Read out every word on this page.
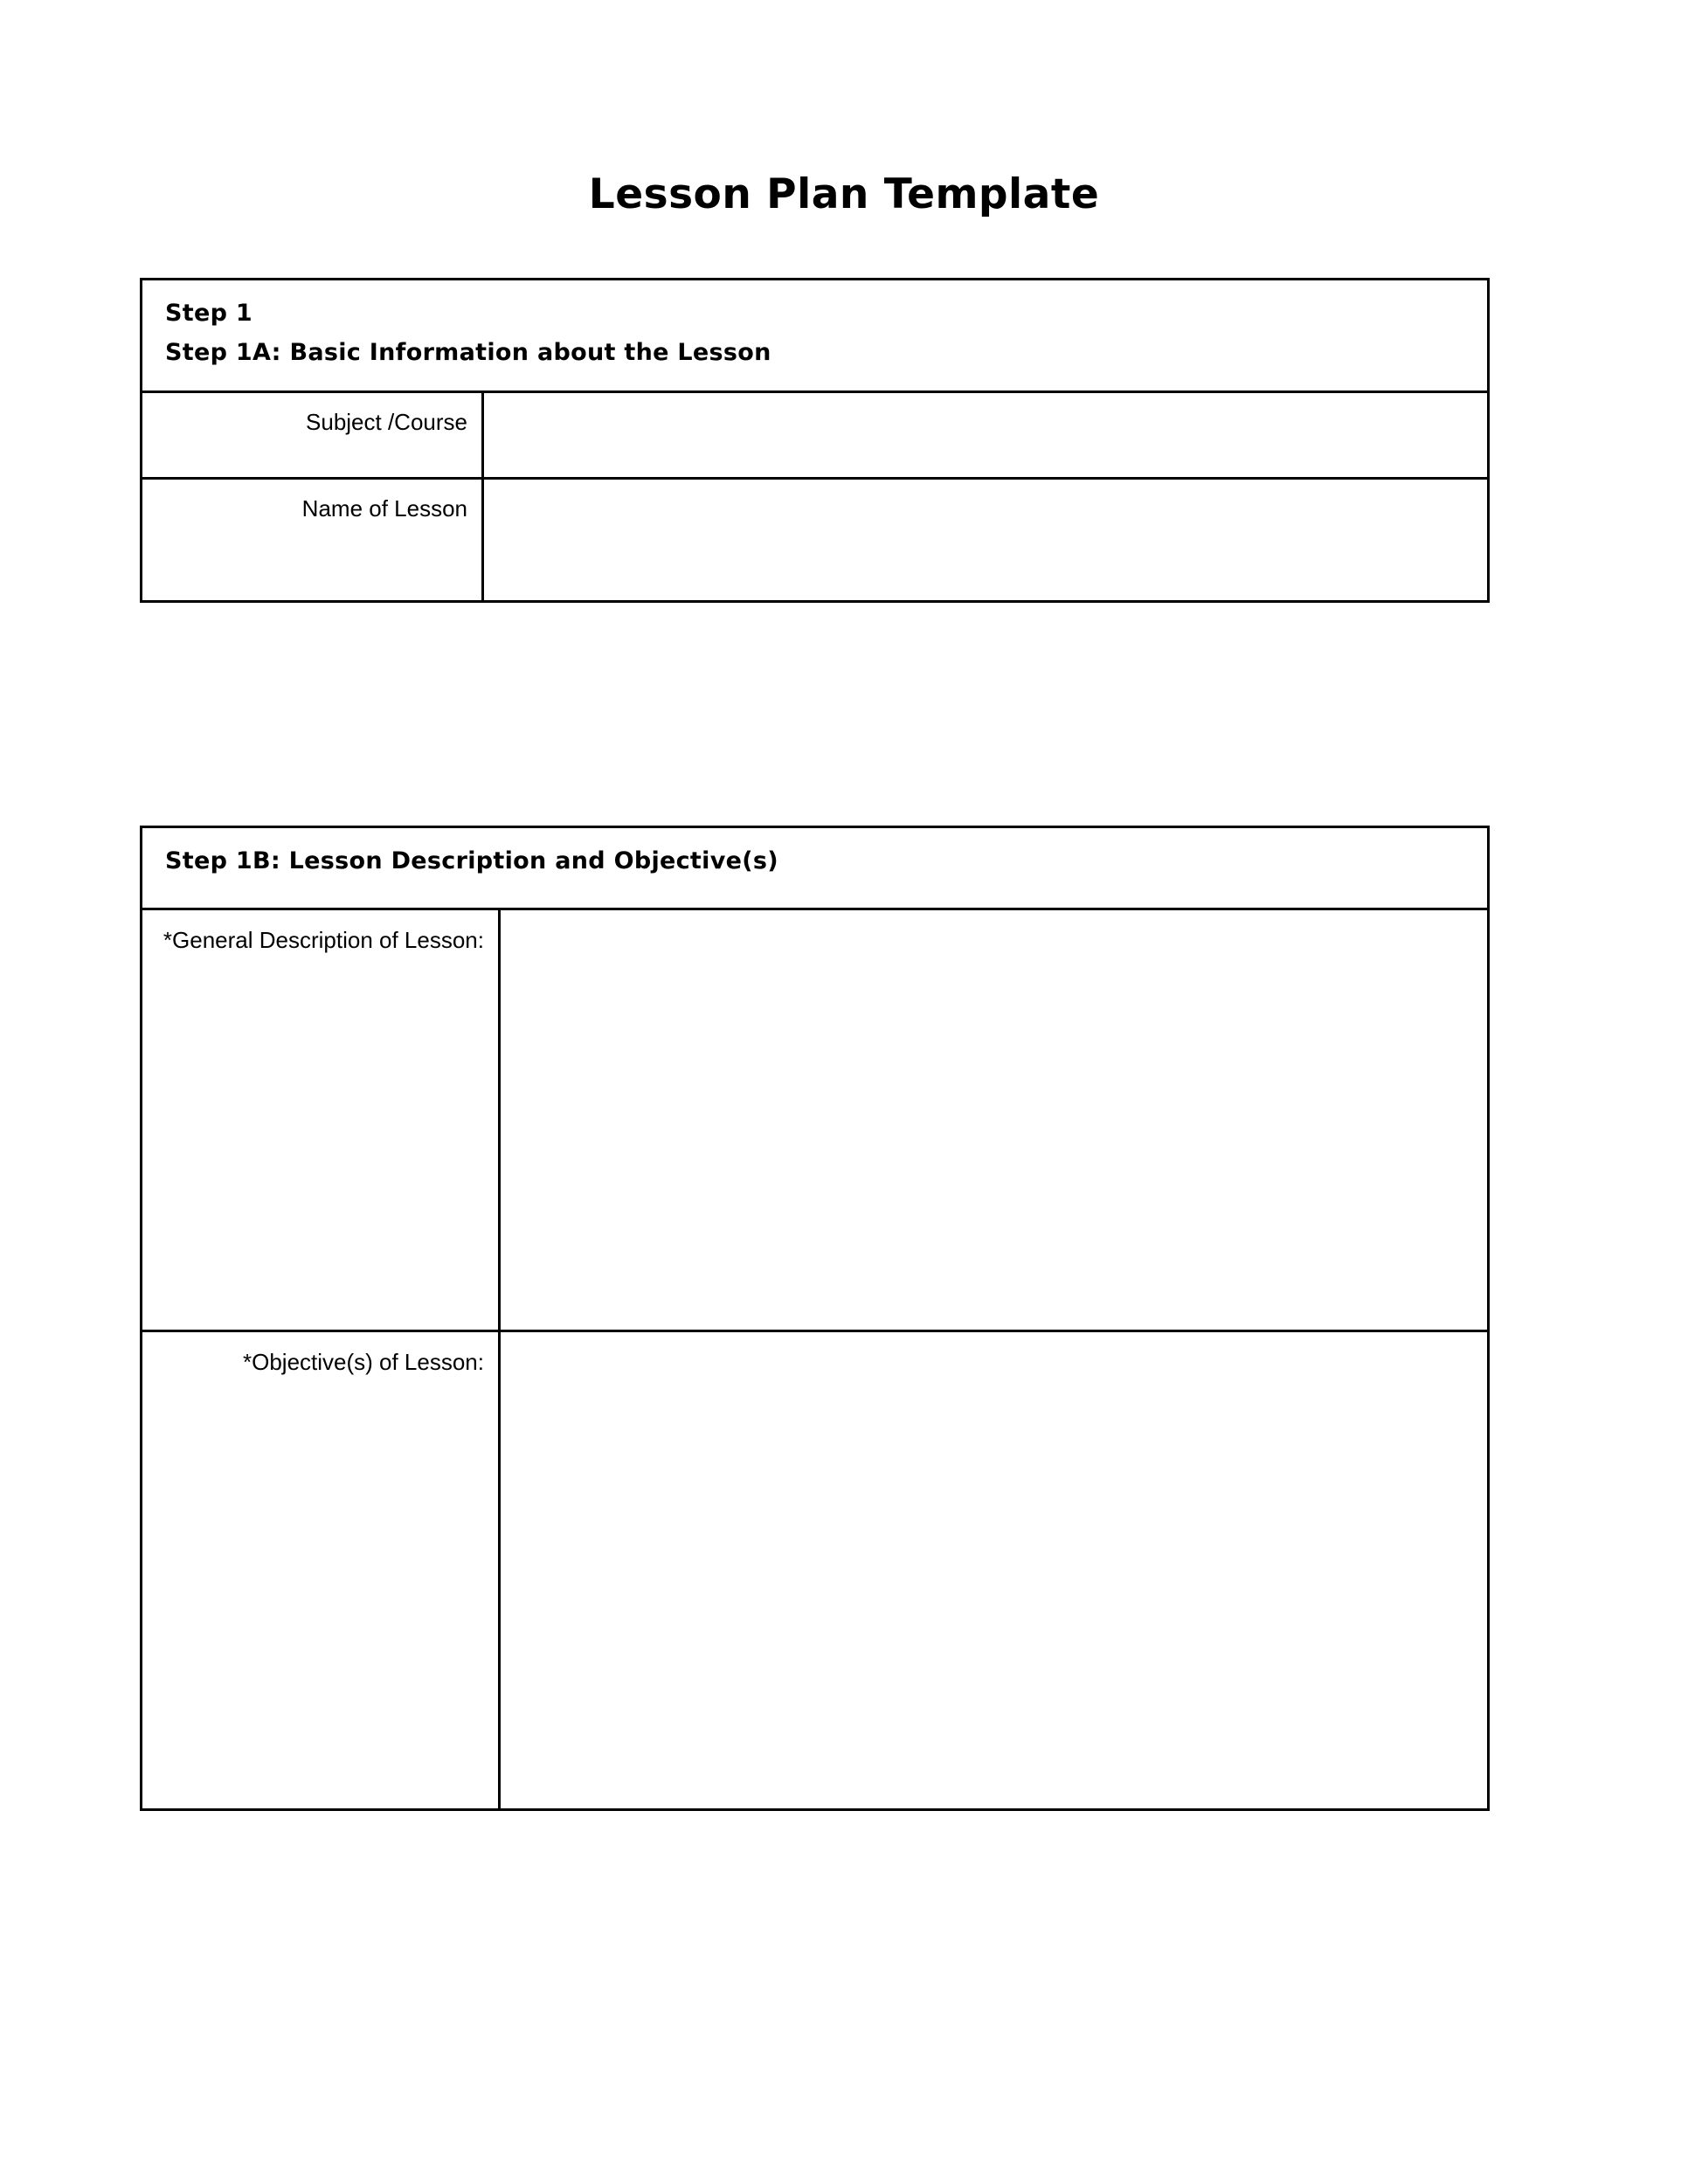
Lesson Plan Template
Step 1
Step 1A: Basic Information about the Lesson
Subject /Course
Name of Lesson
Step 1B: Lesson Description and Objective(s)
*General Description of Lesson:
*Objective(s) of Lesson:
